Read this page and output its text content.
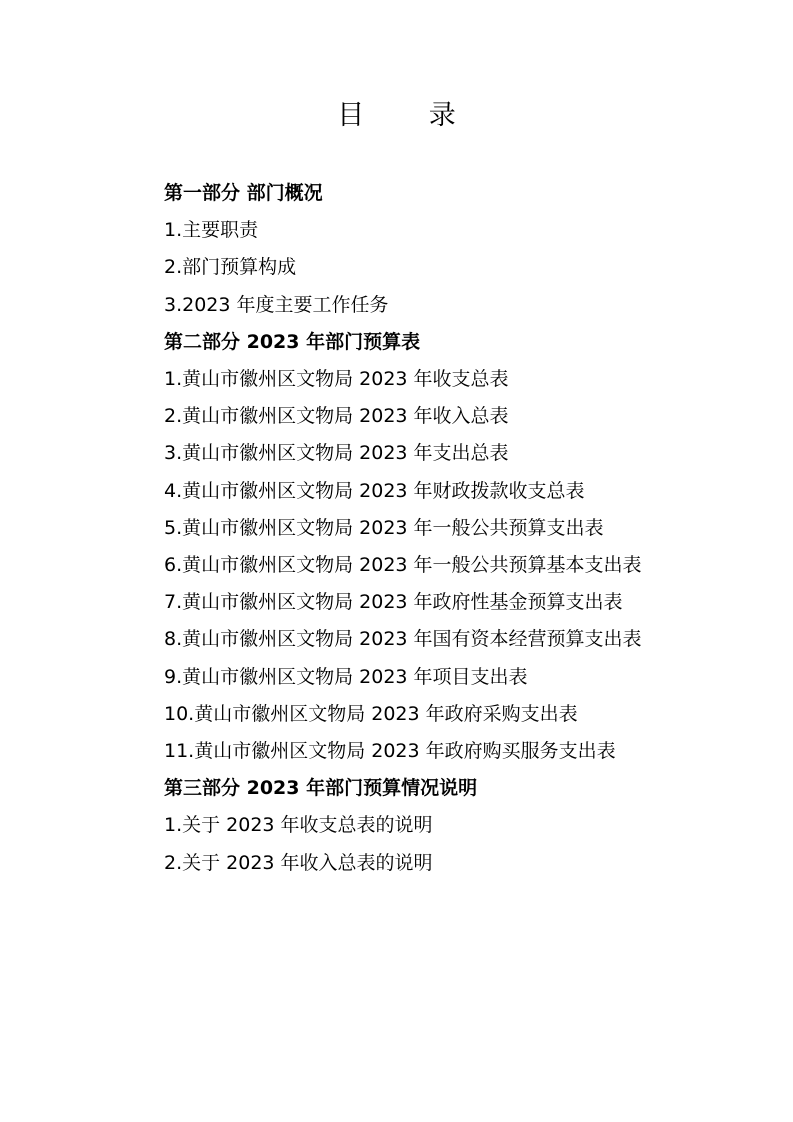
目 录
第一部分 部门概况
1.主要职责
2.部门预算构成
3.2023 年度主要工作任务
第二部分 2023 年部门预算表
1.黄山市徽州区文物局 2023 年收支总表
2.黄山市徽州区文物局 2023 年收入总表
3.黄山市徽州区文物局 2023 年支出总表
4.黄山市徽州区文物局 2023 年财政拨款收支总表
5.黄山市徽州区文物局 2023 年一般公共预算支出表
6.黄山市徽州区文物局 2023 年一般公共预算基本支出表
7.黄山市徽州区文物局 2023 年政府性基金预算支出表
8.黄山市徽州区文物局 2023 年国有资本经营预算支出表
9.黄山市徽州区文物局 2023 年项目支出表
10.黄山市徽州区文物局 2023 年政府采购支出表
11.黄山市徽州区文物局 2023 年政府购买服务支出表
第三部分 2023 年部门预算情况说明
1.关于 2023 年收支总表的说明
2.关于 2023 年收入总表的说明
